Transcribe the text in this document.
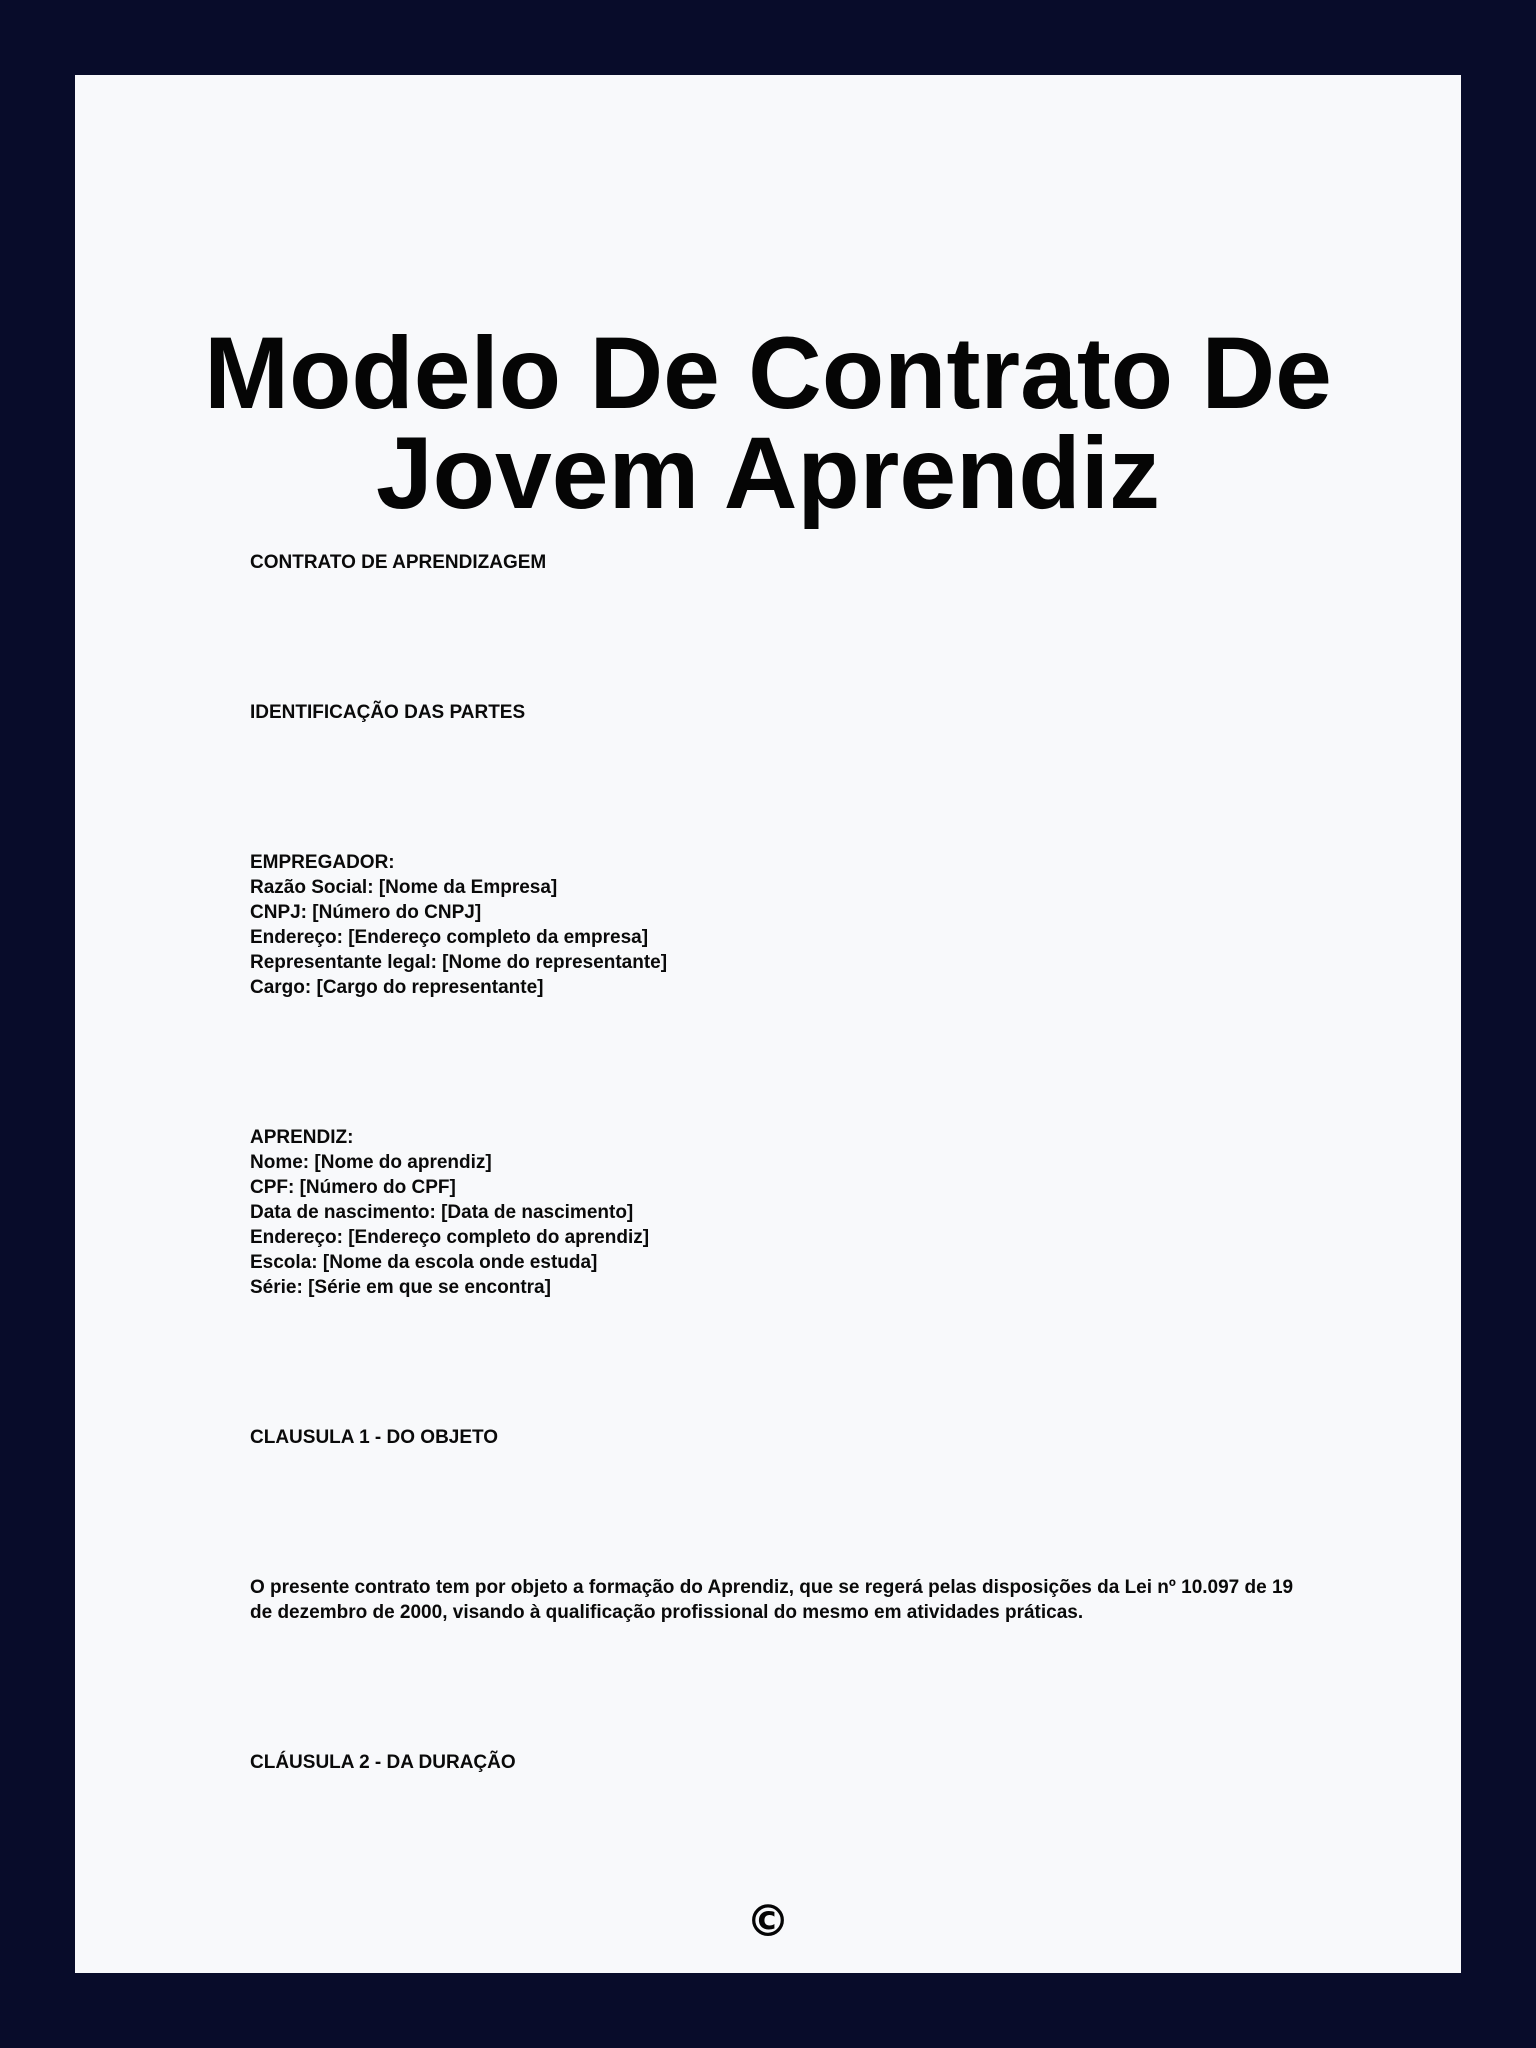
Modelo De Contrato De Jovem Aprendiz

CONTRATO DE APRENDIZAGEM

IDENTIFICAÇÃO DAS PARTES

EMPREGADOR:
Razão Social: [Nome da Empresa]
CNPJ: [Número do CNPJ]
Endereço: [Endereço completo da empresa]
Representante legal: [Nome do representante]
Cargo: [Cargo do representante]
APRENDIZ:
Nome: [Nome do aprendiz]
CPF: [Número do CPF]
Data de nascimento: [Data de nascimento]
Endereço: [Endereço completo do aprendiz]
Escola: [Nome da escola onde estuda]
Série: [Série em que se encontra]

CLAUSULA 1 - DO OBJETO

O presente contrato tem por objeto a formação do Aprendiz, que se regerá pelas disposições da Lei nº 10.097 de 19 de dezembro de 2000, visando à qualificação profissional do mesmo em atividades práticas.

CLÁUSULA 2 - DA DURAÇÃO

©
